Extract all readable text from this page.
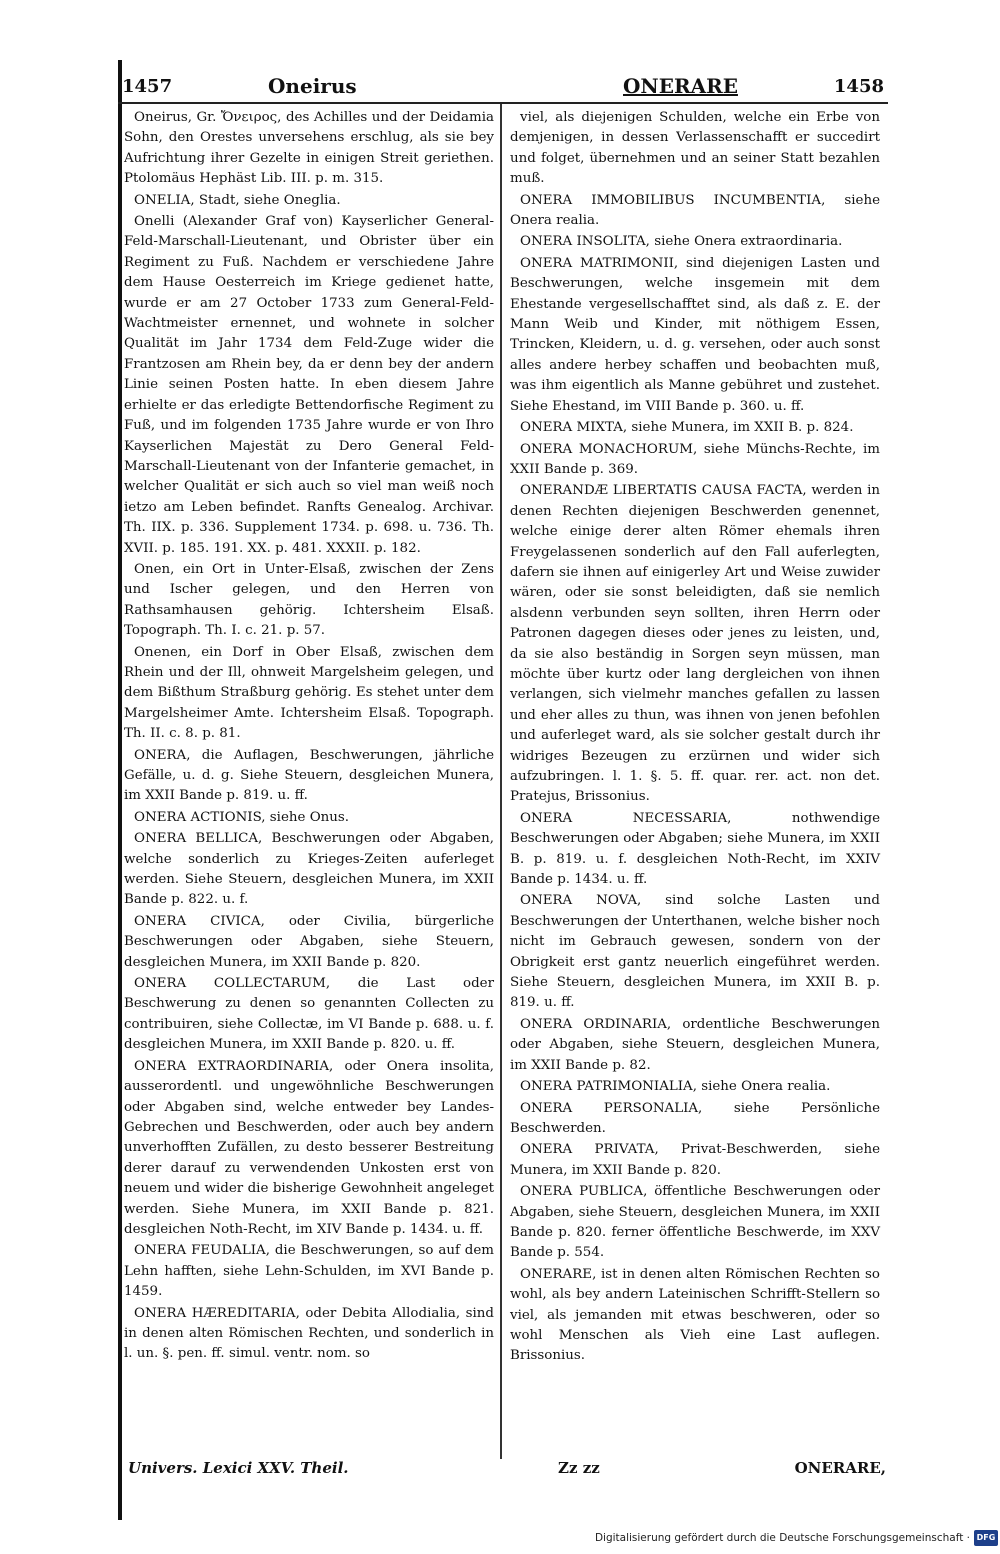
1457	Oneirus	ONERARE	1458

Oneirus, Gr. Ὄνειρος, des Achilles und der Deidamia Sohn, den Orestes unversehens erschlug, als sie bey Aufrichtung ihrer Gezelte in einigen Streit geriethen. Ptolomäus Hephäst Lib. III. p. m. 315.

ONELIA, Stadt, siehe Oneglia.

Onelli (Alexander Graf von) Kayserlicher General-Feld-Marschall-Lieutenant, und Obrister über ein Regiment zu Fuß. Nachdem er verschiedene Jahre dem Hause Oesterreich im Kriege gedienet hatte, wurde er am 27 October 1733 zum General-Feld-Wachtmeister ernennet, und wohnete in solcher Qualität im Jahr 1734 dem Feld-Zuge wider die Frantzosen am Rhein bey, da er denn bey der andern Linie seinen Posten hatte. In eben diesem Jahre erhielte er das erledigte Bettendorfische Regiment zu Fuß, und im folgenden 1735 Jahre wurde er von Ihro Kayserlichen Majestät zu Dero General Feld-Marschall-Lieutenant von der Infanterie gemachet, in welcher Qualität er sich auch so viel man weiß noch ietzo am Leben befindet. Ranfts Genealog. Archivar. Th. IIX. p. 336. Supplement 1734. p. 698. u. 736. Th. XVII. p. 185. 191. XX. p. 481. XXXII. p. 182.

Onen, ein Ort in Unter-Elsaß, zwischen der Zens und Ischer gelegen, und den Herren von Rathsamhausen gehörig. Ichtersheim Elsaß. Topograph. Th. I. c. 21. p. 57.

Onenen, ein Dorf in Ober Elsaß, zwischen dem Rhein und der Ill, ohnweit Margelsheim gelegen, und dem Bißthum Straßburg gehörig. Es stehet unter dem Margelsheimer Amte. Ichtersheim Elsaß. Topograph. Th. II. c. 8. p. 81.

ONERA, die Auflagen, Beschwerungen, jährliche Gefälle, u. d. g. Siehe Steuern, desgleichen Munera, im XXII Bande p. 819. u. ff.

ONERA ACTIONIS, siehe Onus.

ONERA BELLICA, Beschwerungen oder Abgaben, welche sonderlich zu Krieges-Zeiten auferleget werden. Siehe Steuern, desgleichen Munera, im XXII Bande p. 822. u. f.

ONERA CIVICA, oder Civilia, bürgerliche Beschwerungen oder Abgaben, siehe Steuern, desgleichen Munera, im XXII Bande p. 820.

ONERA COLLECTARUM, die Last oder Beschwerung zu denen so genannten Collecten zu contribuiren, siehe Collectæ, im VI Bande p. 688. u. f. desgleichen Munera, im XXII Bande p. 820. u. ff.

ONERA EXTRAORDINARIA, oder Onera insolita, ausserordentl. und ungewöhnliche Beschwerungen oder Abgaben sind, welche entweder bey Landes-Gebrechen und Beschwerden, oder auch bey andern unverhofften Zufällen, zu desto besserer Bestreitung derer darauf zu verwendenden Unkosten erst von neuem und wider die bisherige Gewohnheit angeleget werden. Siehe Munera, im XXII Bande p. 821. desgleichen Noth-Recht, im XIV Bande p. 1434. u. ff.

ONERA FEUDALIA, die Beschwerungen, so auf dem Lehn hafften, siehe Lehn-Schulden, im XVI Bande p. 1459.

ONERA HÆREDITARIA, oder Debita Allodialia, sind in denen alten Römischen Rechten, und sonderlich in l. un. §. pen. ff. simul. ventr. nom. so

viel, als diejenigen Schulden, welche ein Erbe von demjenigen, in dessen Verlassenschafft er succedirt und folget, übernehmen und an seiner Statt bezahlen muß.

ONERA IMMOBILIBUS INCUMBENTIA, siehe Onera realia.

ONERA INSOLITA, siehe Onera extraordinaria.

ONERA MATRIMONII, sind diejenigen Lasten und Beschwerungen, welche insgemein mit dem Ehestande vergesellschafftet sind, als daß z. E. der Mann Weib und Kinder, mit nöthigem Essen, Trincken, Kleidern, u. d. g. versehen, oder auch sonst alles andere herbey schaffen und beobachten muß, was ihm eigentlich als Manne gebühret und zustehet. Siehe Ehestand, im VIII Bande p. 360. u. ff.

ONERA MIXTA, siehe Munera, im XXII B. p. 824.

ONERA MONACHORUM, siehe Münchs-Rechte, im XXII Bande p. 369.

ONERANDÆ LIBERTATIS CAUSA FACTA, werden in denen Rechten diejenigen Beschwerden genennet, welche einige derer alten Römer ehemals ihren Freygelassenen sonderlich auf den Fall auferlegten, dafern sie ihnen auf einigerley Art und Weise zuwider wären, oder sie sonst beleidigten, daß sie nemlich alsdenn verbunden seyn sollten, ihren Herrn oder Patronen dagegen dieses oder jenes zu leisten, und, da sie also beständig in Sorgen seyn müssen, man möchte über kurtz oder lang dergleichen von ihnen verlangen, sich vielmehr manches gefallen zu lassen und eher alles zu thun, was ihnen von jenen befohlen und auferleget ward, als sie solcher gestalt durch ihr widriges Bezeugen zu erzürnen und wider sich aufzubringen. l. 1. §. 5. ff. quar. rer. act. non det. Pratejus, Brissonius.

ONERA NECESSARIA, nothwendige Beschwerungen oder Abgaben; siehe Munera, im XXII B. p. 819. u. f. desgleichen Noth-Recht, im XXIV Bande p. 1434. u. ff.

ONERA NOVA, sind solche Lasten und Beschwerungen der Unterthanen, welche bisher noch nicht im Gebrauch gewesen, sondern von der Obrigkeit erst gantz neuerlich eingeführet werden. Siehe Steuern, desgleichen Munera, im XXII B. p. 819. u. ff.

ONERA ORDINARIA, ordentliche Beschwerungen oder Abgaben, siehe Steuern, desgleichen Munera, im XXII Bande p. 82.

ONERA PATRIMONIALIA, siehe Onera realia.

ONERA PERSONALIA, siehe Persönliche Beschwerden.

ONERA PRIVATA, Privat-Beschwerden, siehe Munera, im XXII Bande p. 820.

ONERA PUBLICA, öffentliche Beschwerungen oder Abgaben, siehe Steuern, desgleichen Munera, im XXII Bande p. 820. ferner öffentliche Beschwerde, im XXV Bande p. 554.

ONERARE, ist in denen alten Römischen Rechten so wohl, als bey andern Lateinischen Schrifft-Stellern so viel, als jemanden mit etwas beschweren, oder so wohl Menschen als Vieh eine Last auflegen. Brissonius.

Univers. Lexici XXV. Theil.	Zz zz	ONERARE,
Digitalisierung gefördert durch die Deutsche Forschungsgemeinschaft · DFG
